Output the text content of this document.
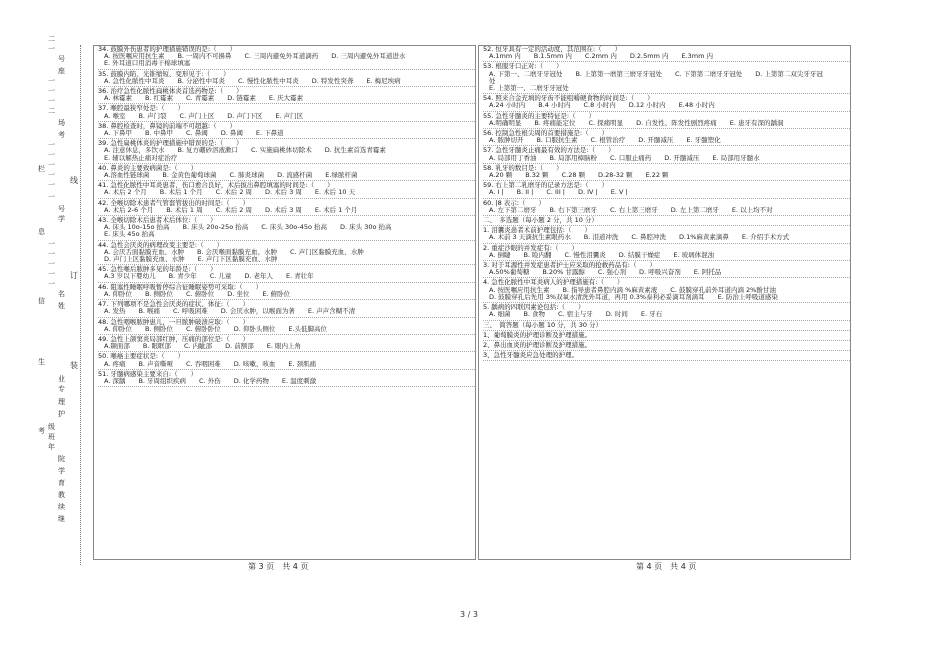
二
一
号
座
一
一
一
二
场
考
一
一
一
一
一
栏
一
号
学
息
一
一
一
一
一
名
信
姓
生
业
专
理
护
级
班
年
院
考
学
育
教
续
继
线
订
装
34. 鼓膜外伤患者的护理措施错误的是:（　　）
A. 按医嘱应用抗生素　　B. 一周内不可擤鼻　　C. 三周内避免外耳道滴药　　D. 三周内避免外耳道进水
E. 外耳道口用消毒干棉球填塞
35. 鼓膜内陷、光锥缩短、变形见于:（　　）
A. 急性化脓性中耳炎　　B. 分泌性中耳炎　　C. 慢性化脓性中耳炎　　D. 特发性突聋　　E. 梅尼埃病
36. 治疗急性化脓性扁桃体炎首选药物是:（　　）
A. 林霉素　　B. 红霉素　　C. 青霉素　　D. 链霉素　　E. 庆大霉素
37. 喉腔最狭窄处是:（　　）
A. 喉室　　B. 声门裂　　C. 声门上区　　D. 声门下区　　E. 声门区
38. 鼻腔检查时，鼻镜的前端不可超越:（　　）
A. 下鼻甲　　B. 中鼻甲　　C. 鼻阈　　D. 鼻阈　　E. 下鼻道
39. 急性扁桃体炎的护理措施中错误的是:（　　）
A. 注意休息，多饮水　　B. 复方硼砂溶液漱口　　C. 实施扁桃体切除术　　D. 抗生素首选青霉素
E. 辅以解热止痛对症治疗
40. 鼻炎的主要致病菌是:（　　）
A.溶血性链球菌　　B. 金黄色葡萄球菌　　C. 肺炎球菌　　D. 流感杆菌　　E.绿脓杆菌
41. 急性化脓性中耳炎患者，伤口愈合良好，术后拔出鼻腔填塞的时间是:（　　）
A. 术后 2 个月　　B. 术后 1 个月　　C. 术后 2 周　　D. 术后 3 周　　E. 术后 10 天
42. 全喉切除术患者气管套管拔出的时间是:（　　）
A. 术后 2-6 个月　　B. 术后 1 周　　C. 术后 2 周　　D. 术后 3 周　　E. 术后 1 个月
43. 全喉切除术后患者术后体位:（　　）
A. 床头 10o-15o 抬高　　B. 床头 20o-25o 抬高　　C. 床头 30o-45o 抬高　　D. 床头 30o 抬高
E. 床头 45o 抬高
44. 急性会厌炎的病理改变主要是:（　　）
A. 会厌舌面黏膜充血、水肿　　B. 会厌喉面黏膜充血、水肿　　C. 声门区黏膜充血、水肿
D. 声门上区黏膜充血、水肿　　E. 声门下区黏膜充血、水肿
45. 急性喉后脓肿多见的年龄是:（　　）
A.3 岁以下婴幼儿　　B. 青少年　　C. 儿童　　D. 老年人　　E. 青壮年
46. 阻塞性睡眠呼吸暂停综合征睡眠姿势可采取:（　　）
A. 仰卧位　　B. 侧卧位　　C. 俯卧位　　D. 坐位　　E. 俯卧位
47. 下列哪项不是急性会厌炎的症状、体征:（　　）
A. 发热　　B. 喉痛　　C. 呼吸困难　　D. 会厌水肿，以喉面为著　　E. 声声含糊不清
48. 急性咽喉脓肿患儿，一旦脓肿破溃应取:（　　）
A. 仰卧位　　B. 侧卧位　　C. 俯卧卧位　　D. 仰卧头侧位　　E.头低脚高位
49. 急性上颌窦炎局部红肿，压痛的部位是:（　　）
A.颞面部　　B. 眼眶部　　C. 内眦部　　D. 前额部　　E. 眼内上角
50. 喉癌主要症状是:（　　）
A. 疼痛　　B. 声音嘶哑　　C. 吞咽困难　　D. 咳嗽、咳血　　E. 颈肌痛
51. 牙髓病感染主要来自:（　　）
A. 深龋　　B. 牙周组织疾病　　C. 外伤　　D. 化学药物　　E. 温度刺激
52. 恒牙具有一定的活动度，其范围在:（　　）
A.1mm 内　　B.1.5mm 内　　C.2mm 内　　D.2.5mm 内　　E.3mm 内
53. 根服牙口正对:（　　）
A. 下第一、二磨牙牙冠处　　B. 上第第一磨第三磨牙牙冠处　　C. 下第第二磨牙牙冠处　　D. 上第第二双尖牙牙冠
处
E. 上第第一、二磨牙牙冠处
54. 照来合金充填的牙齿不能咀嚼硬食物的时间是:（　　）
A.24 小时内　　B.4 小时内　　C.8 小时内　　D.12 小时内　　E.48 小时内
55. 急性牙髓炎的主要特征是:（　　）
A.明确明显　　B. 疼痛能定位　　C. 探痛明显　　D. 自发性、阵发性剧烈疼痛　　E. 患牙有深的龋洞
56. 控制急性根尖周的首要措施是:（　　）
A. 脓肿切开　　B. 口服抗生素　　C. 根管治疗　　D. 开髓减压　　E. 牙髓塑化
57. 急性牙髓炎止痛最有效的方法是:（　　）
A. 局部用丁香油　　B. 局部用樟脑粉　　C. 口服止痛药　　D. 开髓减压　　E. 局部用牙髓水
58. 乳牙的数目是:（　　）
A.20 颗　　B.32 颗　　C.28 颗　　D.28-32 颗　　E.22 颗
59. 右上第二乳磨牙的记录方法是:（　　）
A. I |　　B. II |　　C. III |　　D. IV |　　E. V |
60. |8 表示:（　　）
A. 左下第二磨牙　　B. 右下第三磨牙　　C. 右上第三磨牙　　D. 左上第二磨牙　　E. 以上均不对
二、　多选题（每小题 2 分，共 10 分）
1. 泪囊炎患者术前护理包括:（　　）
A. 术前 3 天滴抗生素眼药水　　B. 泪道冲洗　　C. 鼻腔冲洗　　D.1%麻黄素滴鼻　　E. 介绍手术方式
2. 重症沙眼的并发症有:（　　）
A. 倒睫　　B. 睑内翻　　C. 慢性泪囊炎　　D. 结膜干燥症　　E. 玻璃体混浊
3. 对于耳源性并发症患者护士应采取的抢救药品有:（　　）
A.50%葡萄糖　　B.20% 甘露醇　　C. 强心剂　　D. 呼吸兴奋剂　　E. 阿托品
4. 急性化脓性中耳炎病人的护理措施有:（　　）
A. 按医嘱应用抗生素　　B. 指导患者鼻腔内滴 %麻黄素液　　C. 鼓膜穿孔前外耳道内滴 2%酚甘油
D. 鼓膜穿孔后先用 3%双氧水清洗外耳道，再用 0.3%泰利必妥滴耳剂滴耳　　E. 防治上呼吸道感染
5. 龋病的四联因素论包括:（　　）
A. 细菌　　B. 食物　　C. 宿主与牙　　D. 时间　　E. 牙石
三、　简答题（每小题 10 分，共 30 分）
1、葡萄膜炎的护理诊断及护理措施。
2、鼻出血炎的护理诊断及护理措施。
3、急性牙髓炎应急处理的护理。
第 3 页　共 4 页	第 4 页　共 4 页
3 / 3
